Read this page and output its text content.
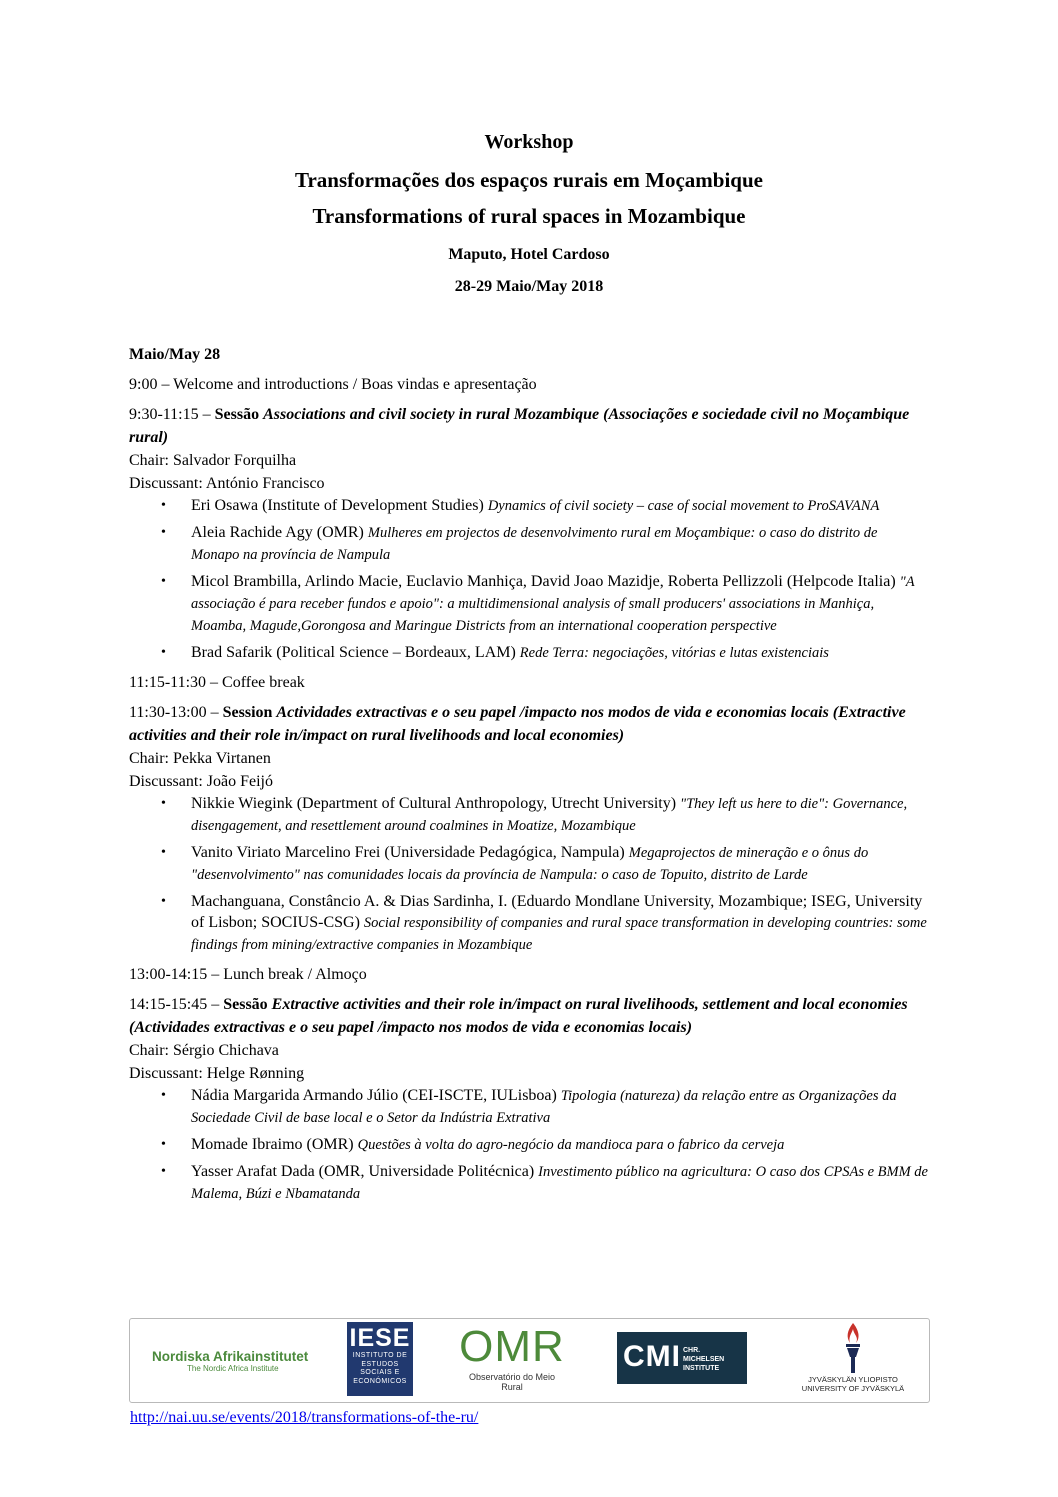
Workshop
Transformações dos espaços rurais em Moçambique
Transformations of rural spaces in Mozambique
Maputo, Hotel Cardoso
28-29 Maio/May 2018
Maio/May 28
9:00 – Welcome and introductions / Boas vindas e apresentação
9:30-11:15 – Sessão Associations and civil society in rural Mozambique (Associações e sociedade civil no Moçambique rural)
Chair: Salvador Forquilha
Discussant: António Francisco
• Eri Osawa (Institute of Development Studies) Dynamics of civil society – case of social movement to ProSAVANA
• Aleia Rachide Agy (OMR) Mulheres em projectos de desenvolvimento rural em Moçambique: o caso do distrito de Monapo na província de Nampula
• Micol Brambilla, Arlindo Macie, Euclavio Manhiça, David Joao Mazidje, Roberta Pellizzoli (Helpcode Italia) "A associação é para receber fundos e apoio": a multidimensional analysis of small producers' associations in Manhiça, Moamba, Magude,Gorongosa and Maringue Districts from an international cooperation perspective
• Brad Safarik (Political Science – Bordeaux, LAM) Rede Terra: negociações, vitórias e lutas existenciais
11:15-11:30 – Coffee break
11:30-13:00 – Session Actividades extractivas e o seu papel /impacto nos modos de vida e economias locais (Extractive activities and their role in/impact on rural livelihoods and local economies)
Chair: Pekka Virtanen
Discussant: João Feijó
• Nikkie Wiegink (Department of Cultural Anthropology, Utrecht University) "They left us here to die": Governance, disengagement, and resettlement around coalmines in Moatize, Mozambique
• Vanito Viriato Marcelino Frei (Universidade Pedagógica, Nampula) Megaprojectos de mineração e o ônus do "desenvolvimento" nas comunidades locais da província de Nampula: o caso de Topuito, distrito de Larde
• Machanguana, Constâncio A. & Dias Sardinha, I. (Eduardo Mondlane University, Mozambique; ISEG, University of Lisbon; SOCIUS-CSG) Social responsibility of companies and rural space transformation in developing countries: some findings from mining/extractive companies in Mozambique
13:00-14:15 – Lunch break / Almoço
14:15-15:45 – Sessão Extractive activities and their role in/impact on rural livelihoods, settlement and local economies (Actividades extractivas e o seu papel /impacto nos modos de vida e economias locais)
Chair: Sérgio Chichava
Discussant: Helge Rønning
• Nádia Margarida Armando Júlio (CEI-ISCTE, IULisboa) Tipologia (natureza) da relação entre as Organizações da Sociedade Civil de base local e o Setor da Indústria Extrativa
• Momade Ibraimo (OMR) Questões à volta do agro-negócio da mandioca para o fabrico da cerveja
• Yasser Arafat Dada (OMR, Universidade Politécnica) Investimento público na agricultura: O caso dos CPSAs e BMM de Malema, Búzi e Nbamatanda
Nordiska Afrikainstitutet
The Nordic Africa Institute
IESE
INSTITUTO DE
ESTUDOS
SOCIAIS E
ECONÓMICOS
OMR
Observatório do Meio Rural
CMI CHR.
MICHELSEN
INSTITUTE
JYVÄSKYLÄN YLIOPISTO
UNIVERSITY OF JYVÄSKYLÄ
http://nai.uu.se/events/2018/transformations-of-the-ru/
